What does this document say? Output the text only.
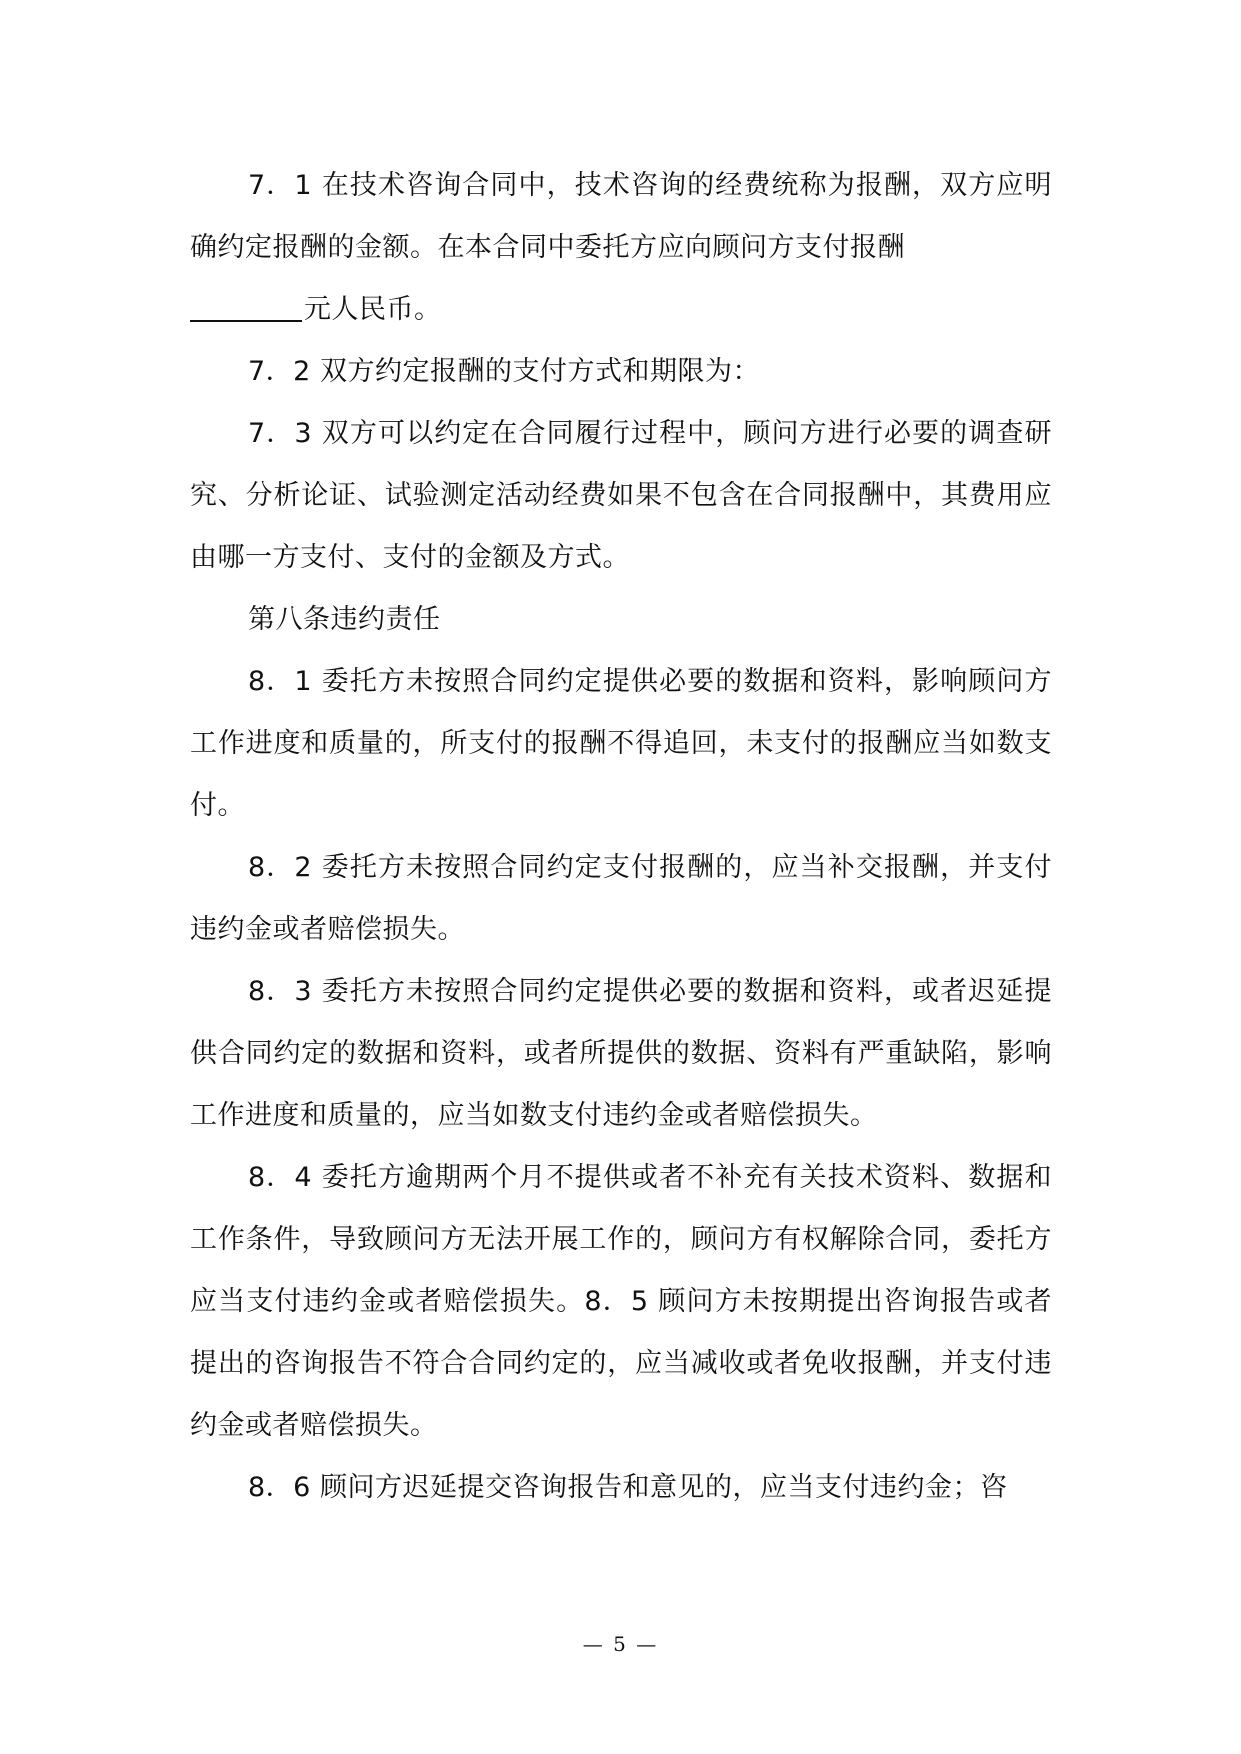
7．1 在技术咨询合同中，技术咨询的经费统称为报酬，双方应明确约定报酬的金额。在本合同中委托方应向顾问方支付报酬
元人民币。

7．2 双方约定报酬的支付方式和期限为：

7．3 双方可以约定在合同履行过程中，顾问方进行必要的调查研究、分析论证、试验测定活动经费如果不包含在合同报酬中，其费用应由哪一方支付、支付的金额及方式。

第八条违约责任

8．1 委托方未按照合同约定提供必要的数据和资料，影响顾问方工作进度和质量的，所支付的报酬不得追回，未支付的报酬应当如数支付。

8．2 委托方未按照合同约定支付报酬的，应当补交报酬，并支付违约金或者赔偿损失。

8．3 委托方未按照合同约定提供必要的数据和资料，或者迟延提供合同约定的数据和资料，或者所提供的数据、资料有严重缺陷，影响工作进度和质量的，应当如数支付违约金或者赔偿损失。

8．4 委托方逾期两个月不提供或者不补充有关技术资料、数据和工作条件，导致顾问方无法开展工作的，顾问方有权解除合同，委托方应当支付违约金或者赔偿损失。8．5 顾问方未按期提出咨询报告或者提出的咨询报告不符合合同约定的，应当减收或者免收报酬，并支付违约金或者赔偿损失。

8．6 顾问方迟延提交咨询报告和意见的，应当支付违约金；咨

— 5 —
